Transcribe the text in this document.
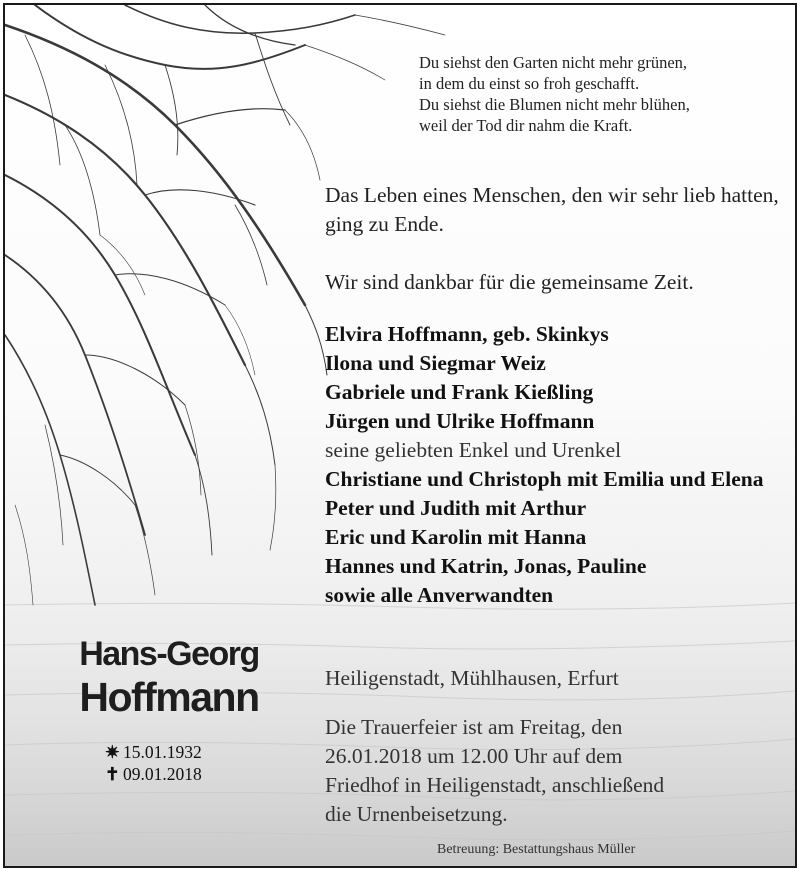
Du siehst den Garten nicht mehr grünen,
in dem du einst so froh geschafft.
Du siehst die Blumen nicht mehr blühen,
weil der Tod dir nahm die Kraft.
Das Leben eines Menschen, den wir sehr lieb hatten, ging zu Ende.
Wir sind dankbar für die gemeinsame Zeit.
Elvira Hoffmann, geb. Skinkys
Ilona und Siegmar Weiz
Gabriele und Frank Kießling
Jürgen und Ulrike Hoffmann
seine geliebten Enkel und Urenkel
Christiane und Christoph mit Emilia und Elena
Peter und Judith mit Arthur
Eric und Karolin mit Hanna
Hannes und Katrin, Jonas, Pauline
sowie alle Anverwandten
Heiligenstadt, Mühlhausen, Erfurt
Die Trauerfeier ist am Freitag, den 26.01.2018 um 12.00 Uhr auf dem Friedhof in Heiligenstadt, anschließend die Urnenbeisetzung.
Betreuung: Bestattungshaus Müller
Hans-Georg
Hoffmann
✷ 15.01.1932
✝ 09.01.2018
